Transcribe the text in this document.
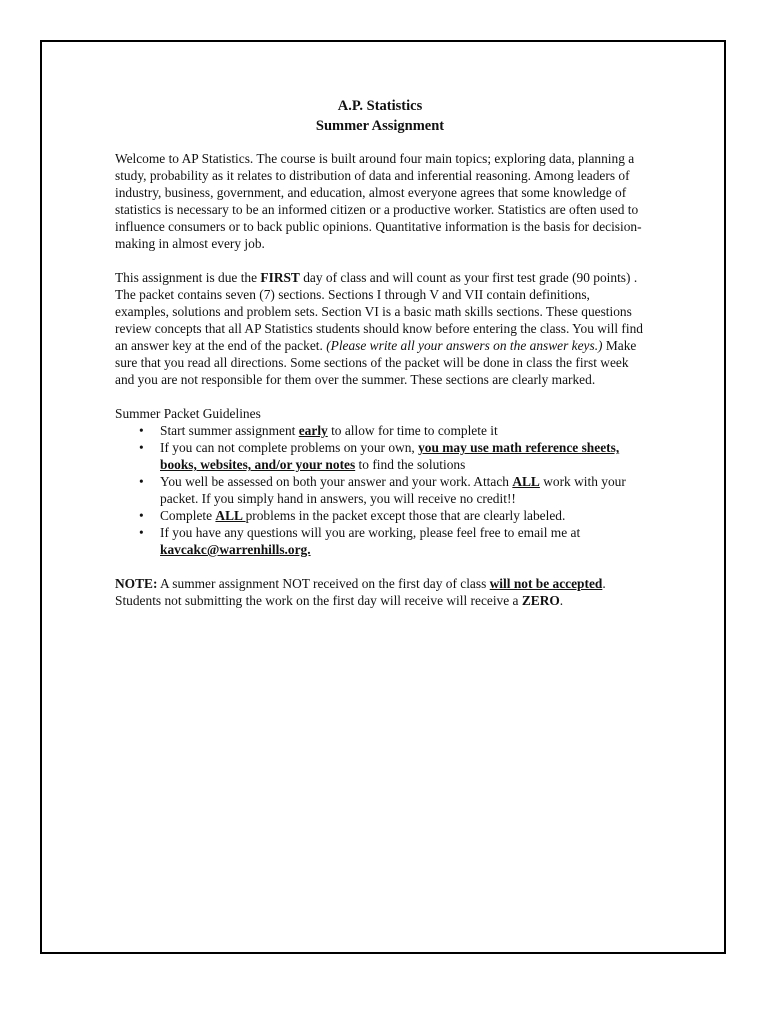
A.P. Statistics
Summer Assignment

Welcome to AP Statistics. The course is built around four main topics; exploring data, planning a study, probability as it relates to distribution of data and inferential reasoning. Among leaders of industry, business, government, and education, almost everyone agrees that some knowledge of statistics is necessary to be an informed citizen or a productive worker. Statistics are often used to influence consumers or to back public opinions. Quantitative information is the basis for decision-making in almost every job.

This assignment is due the FIRST day of class and will count as your first test grade (90 points) . The packet contains seven (7) sections. Sections I through V and VII contain definitions, examples, solutions and problem sets. Section VI is a basic math skills sections. These questions review concepts that all AP Statistics students should know before entering the class. You will find an answer key at the end of the packet. (Please write all your answers on the answer keys.) Make sure that you read all directions. Some sections of the packet will be done in class the first week and you are not responsible for them over the summer. These sections are clearly marked.

Summer Packet Guidelines
• Start summer assignment early to allow for time to complete it
• If you can not complete problems on your own, you may use math reference sheets, books, websites, and/or your notes to find the solutions
• You well be assessed on both your answer and your work. Attach ALL work with your packet. If you simply hand in answers, you will receive no credit!!
• Complete ALL problems in the packet except those that are clearly labeled.
• If you have any questions will you are working, please feel free to email me at kavcakc@warrenhills.org.

NOTE: A summer assignment NOT received on the first day of class will not be accepted. Students not submitting the work on the first day will receive will receive a ZERO.
